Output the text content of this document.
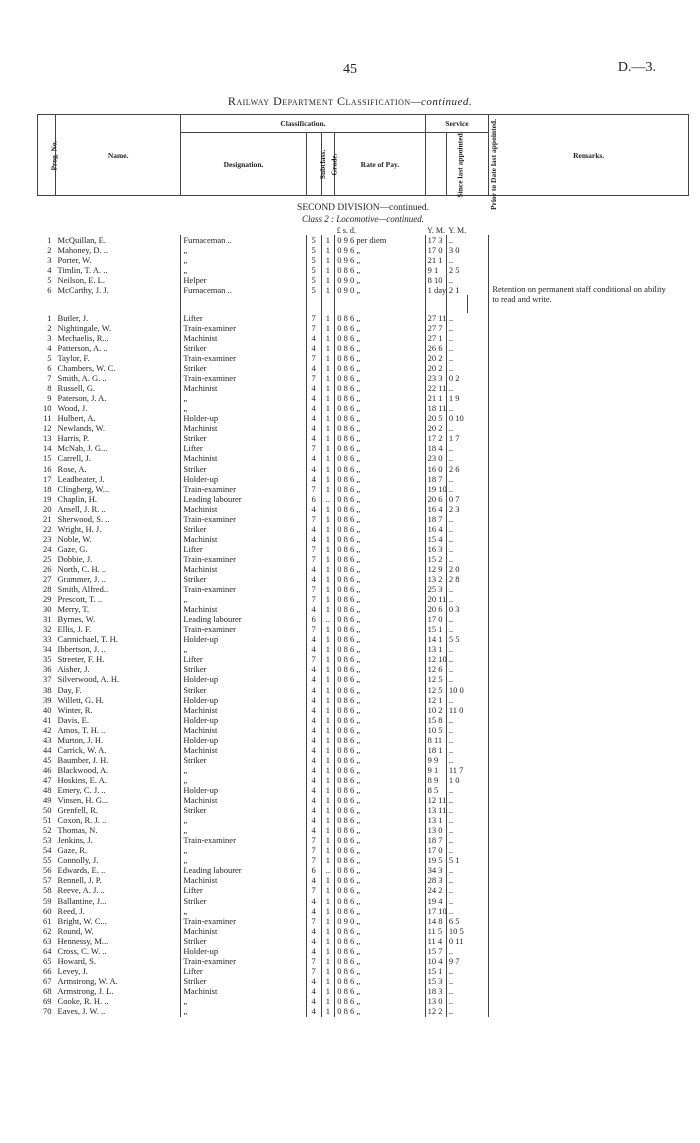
45	D.—3.
Railway Department Classification—continued.
Prog. No.	Name.	Classification.				Service			Remarks.
		Designation.	Subclass.	Grade.	Rate of Pay.	Since last appointed.	Prior to Date last appointed.		

SECOND DIVISION—continued.									
Class 2 : Locomotive—continued.									
					£ s. d.	Y. M.	Y. M.		
1	McQuillan, E.	Furnaceman ..	5	1	0 9 6 per diem	17 3	..		
2	Mahoney, D. ..	„	5	1	0 9 6 „	17 0	3 0		
3	Porter, W.	„	5	1	0 9 6 „	21 1	..		
4	Timlin, T. A. ..	„	5	1	0 8 6 „	9 1	2 5		
5	Neilson, E. L.	Helper	5	1	0 9 0 „	8 10	..		
6	McCarthy, J. J.	Furnaceman ..	5	1	0 9 0 „	1 day	2 1		Retention on permanent staff conditional on ability to read and write.

1	Butler, J.	Lifter	7	1	0 8 6 „	27 11	..		
2	Nightingale, W.	Train-examiner	7	1	0 8 6 „	27 7	..		
3	Mechaelis, R...	Machinist	4	1	0 8 6 „	27 1	..		
4	Patterson, A. ..	Striker	4	1	0 8 6 „	26 6	..		
5	Taylor, F.	Train-examiner	7	1	0 8 6 „	20 2	..		
6	Chambers, W. C.	Striker	4	1	0 8 6 „	20 2	..		
7	Smith, A. G. ..	Train-examiner	7	1	0 8 6 „	23 3	0 2		
8	Russell, G.	Machinist	4	1	0 8 6 „	22 11	..		
9	Paterson, J. A.	„	4	1	0 8 6 „	21 1	1 9		
10	Wood, J.	„	4	1	0 8 6 „	18 11	..		
11	Hulbert, A.	Holder-up	4	1	0 8 6 „	20 5	0 10		
12	Newlands, W.	Machinist	4	1	0 8 6 „	20 2	..		
13	Harris, P.	Striker	4	1	0 8 6 „	17 2	1 7		
14	McNab, J. G...	Lifter	7	1	0 8 6 „	18 4	..		
15	Carrell, J.	Machinist	4	1	0 8 6 „	23 0	..		
16	Rose, A.	Striker	4	1	0 8 6 „	16 0	2 6		
17	Leadbeater, J.	Holder-up	4	1	0 8 6 „	18 7	..		
18	Clingberg, W...	Train-examiner	7	1	0 8 6 „	19 10	..		
19	Chaplin, H.	Leading labourer	6	..	0 8 6 „	20 6	0 7		
20	Ansell, J. R. ..	Machinist	4	1	0 8 6 „	16 4	2 3		
21	Sherwood, S. ..	Train-examiner	7	1	0 8 6 „	18 7	..		
22	Wright, H. J.	Striker	4	1	0 8 6 „	16 4	..		
23	Noble, W.	Machinist	4	1	0 8 6 „	15 4	..		
24	Gaze, G.	Lifter	7	1	0 8 6 „	16 3	..		
25	Dobbie, J.	Train-examiner	7	1	0 8 6 „	15 2	..		
26	North, C. H. ..	Machinist	4	1	0 8 6 „	12 9	2 0		
27	Grammer, J. ..	Striker	4	1	0 8 6 „	13 2	2 8		
28	Smith, Alfred..	Train-examiner	7	1	0 8 6 „	25 3	..		
29	Prescott, T. ..	„	7	1	0 8 6 „	20 11	..		
30	Merry, T.	Machinist	4	1	0 8 6 „	20 6	0 3		
31	Byrnes, W.	Leading labourer	6	..	0 8 6 „	17 0	..		
32	Ellis, J. F.	Train-examiner	7	1	0 8 6 „	15 1	..		
33	Carmichael, T. H.	Holder-up	4	1	0 8 6 „	14 1	5 5		
34	Ibbertson, J. ..	„	4	1	0 8 6 „	13 1	..		
35	Streeter, F. H.	Lifter	7	1	0 8 6 „	12 10	..		
36	Aisher, J.	Striker	4	1	0 8 6 „	12 6	..		
37	Silverwood, A. H.	Holder-up	4	1	0 8 6 „	12 5	..		
38	Day, F.	Striker	4	1	0 8 6 „	12 5	10 0		
39	Willett, G. H.	Holder-up	4	1	0 8 6 „	12 1	..		
40	Winter, R.	Machinist	4	1	0 8 6 „	10 2	11 0		
41	Davis, E.	Holder-up	4	1	0 8 6 „	15 8	..		
42	Amos, T. H. ..	Machinist	4	1	0 8 6 „	10 5	..		
43	Murton, J. H.	Holder-up	4	1	0 8 6 „	8 11	..		
44	Carrick, W. A.	Machinist	4	1	0 8 6 „	18 1	..		
45	Baumber, J. H.	Striker	4	1	0 8 6 „	9 9	..		
46	Blackwood, A.	„	4	1	0 8 6 „	9 1	11 7		
47	Hoskins, E. A.	„	4	1	0 8 6 „	8 9	1 0		
48	Emery, C. J. ..	Holder-up	4	1	0 8 6 „	8 5	..		
49	Vinsen, H. G...	Machinist	4	1	0 8 6 „	12 11	..		
50	Grenfell, R.	Striker	4	1	0 8 6 „	13 11	..		
51	Coxon, R. J. ..	„	4	1	0 8 6 „	13 1	..		
52	Thomas, N.	„	4	1	0 8 6 „	13 0	..		
53	Jenkins, J.	Train-examiner	7	1	0 8 6 „	18 7	..		
54	Gaze, R.	„	7	1	0 8 6 „	17 0	..		
55	Connolly, J.	„	7	1	0 8 6 „	19 5	5 1		
56	Edwards, E. ..	Leading labourer	6	..	0 8 6 „	34 3	..		
57	Rennell, J. P.	Machinist	4	1	0 8 6 „	28 3	..		
58	Reeve, A. J. ..	Lifter	7	1	0 8 6 „	24 2	..		
59	Ballantine, J...	Striker	4	1	0 8 6 „	19 4	..		
60	Reed, J.	„	4	1	0 8 6 „	17 10	..		
61	Bright, W. C...	Train-examiner	7	1	0 9 0 „	14 8	6 5		
62	Round, W.	Machinist	4	1	0 8 6 „	11 5	10 5		
63	Hennessy, M...	Striker	4	1	0 8 6 „	11 4	0 11		
64	Cross, C. W. ..	Holder-up	4	1	0 8 6 „	15 7	..		
65	Howard, S.	Train-examiner	7	1	0 8 6 „	10 4	9 7		
66	Levey, J.	Lifter	7	1	0 8 6 „	15 1	..		
67	Armstrong, W. A.	Striker	4	1	0 8 6 „	15 3	..		
68	Armstrong, J. L.	Machinist	4	1	0 8 6 „	18 3	..		
69	Cooke, R. H. ..	„	4	1	0 8 6 „	13 0	..		
70	Eaves, J. W. ..	„	4	1	0 8 6 „	12 2	..		
